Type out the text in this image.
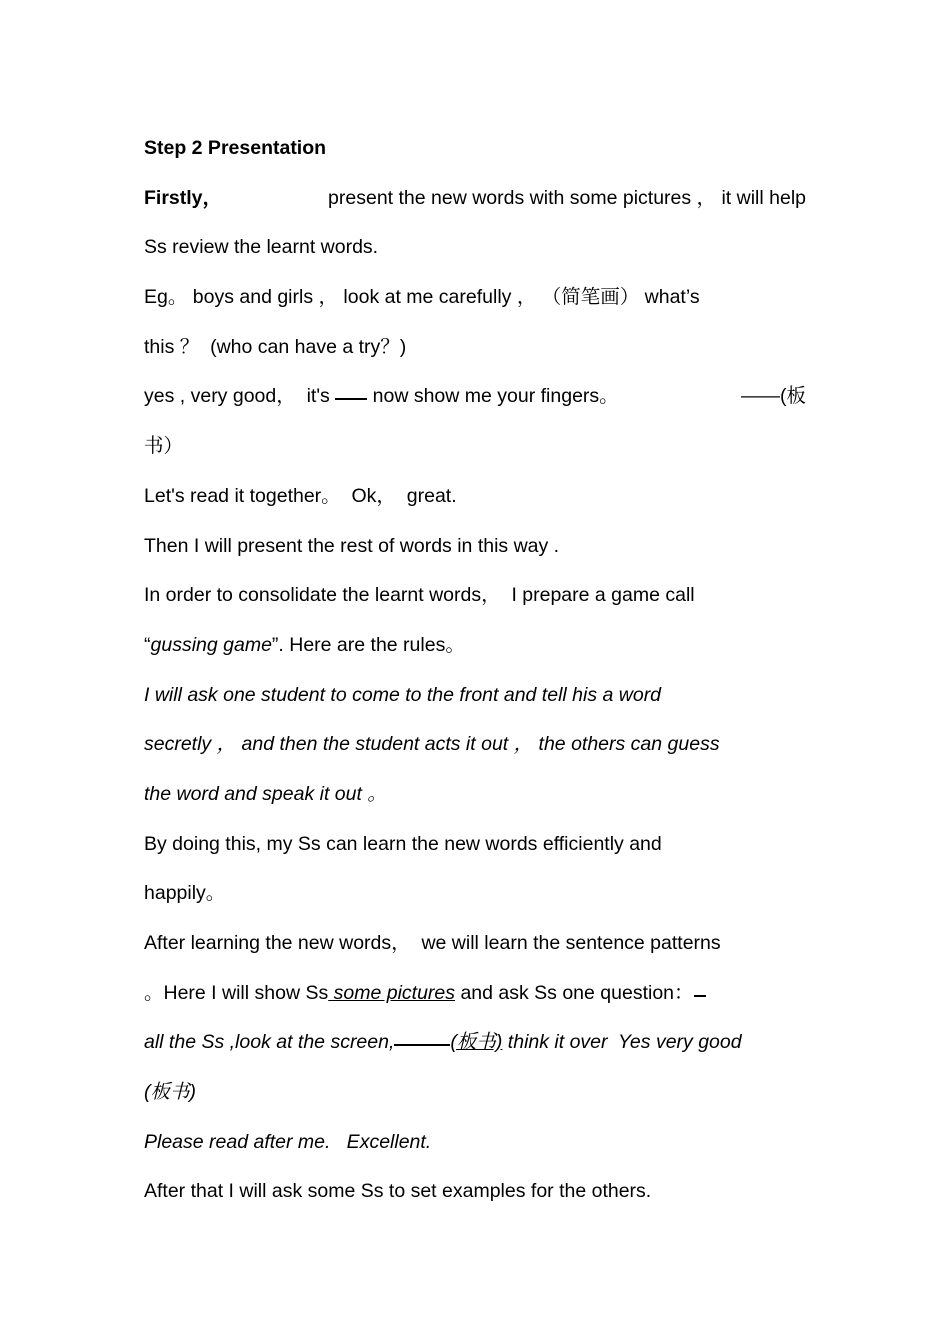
Step 2 Presentation
Firstly，	present the new words with some pictures ， it will help
Ss review the learnt words.
Eg。 boys and girls ， look at me carefully ， （简笔画） what’s
this ？  (who can have a try？)
yes , very good，  it's  now show me your fingers。	——(板
书）
Let's read it together。  Ok，  great.
Then I will present the rest of words in this way .
In order to consolidate the learnt words，  I prepare a game call
“gussing game”. Here are the rules。
I will ask one student to come to the front and tell his a word
secretly ， and then the student acts it out ， the others can guess
the word and speak it out 。
By doing this, my Ss can learn the new words efficiently and
happily。
After learning the new words，  we will learn the sentence patterns
。Here I will show Ss some pictures and ask Ss one question：
all the Ss ,look at the screen,	(板书) think it over  Yes very good
(板书)
Please read after me.   Excellent.
After that I will ask some Ss to set examples for the others.
